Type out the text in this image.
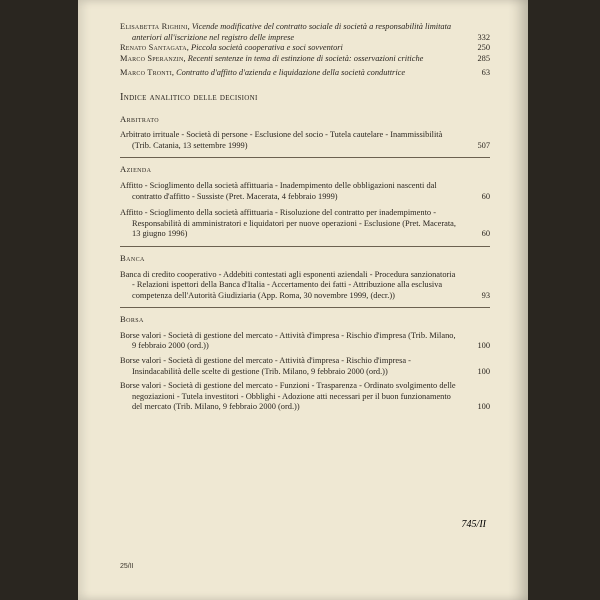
Elisabetta Righini, Vicende modificative del contratto sociale di società a responsabilità limitata anteriori all'iscrizione nel registro delle imprese	332
Renato Santagata, Piccola società cooperativa e soci sovventori	250
Marco Speranzin, Recenti sentenze in tema di estinzione di società: osservazioni critiche	285
Marco Tronti, Contratto d'affitto d'azienda e liquidazione della società conduttrice	63
Indice analitico delle decisioni
Arbitrato
Arbitrato irrituale - Società di persone - Esclusione del socio - Tutela cautelare - Inammissibilità (Trib. Catania, 13 settembre 1999)	507
Azienda
Affitto - Scioglimento della società affittuaria - Inadempimento delle obbligazioni nascenti dal contratto d'affitto - Sussiste (Pret. Macerata, 4 febbraio 1999)	60
Affitto - Scioglimento della società affittuaria - Risoluzione del contratto per inadempimento - Responsabilità di amministratori e liquidatori per nuove operazioni - Esclusione (Pret. Macerata, 13 giugno 1996)	60
Banca
Banca di credito cooperativo - Addebiti contestati agli esponenti aziendali - Procedura sanzionatoria - Relazioni ispettori della Banca d'Italia - Accertamento dei fatti - Attribuzione alla esclusiva competenza dell'Autorità Giudiziaria (App. Roma, 30 novembre 1999, (decr.))	93
Borsa
Borse valori - Società di gestione del mercato - Attività d'impresa - Rischio d'impresa (Trib. Milano, 9 febbraio 2000 (ord.))	100
Borse valori - Società di gestione del mercato - Attività d'impresa - Rischio d'impresa - Insindacabilità delle scelte di gestione (Trib. Milano, 9 febbraio 2000 (ord.))	100
Borse valori - Società di gestione del mercato - Funzioni - Trasparenza - Ordinato svolgimento delle negoziazioni - Tutela investitori - Obblighi - Adozione atti necessari per il buon funzionamento del mercato (Trib. Milano, 9 febbraio 2000 (ord.))	100
745/II
25/II
